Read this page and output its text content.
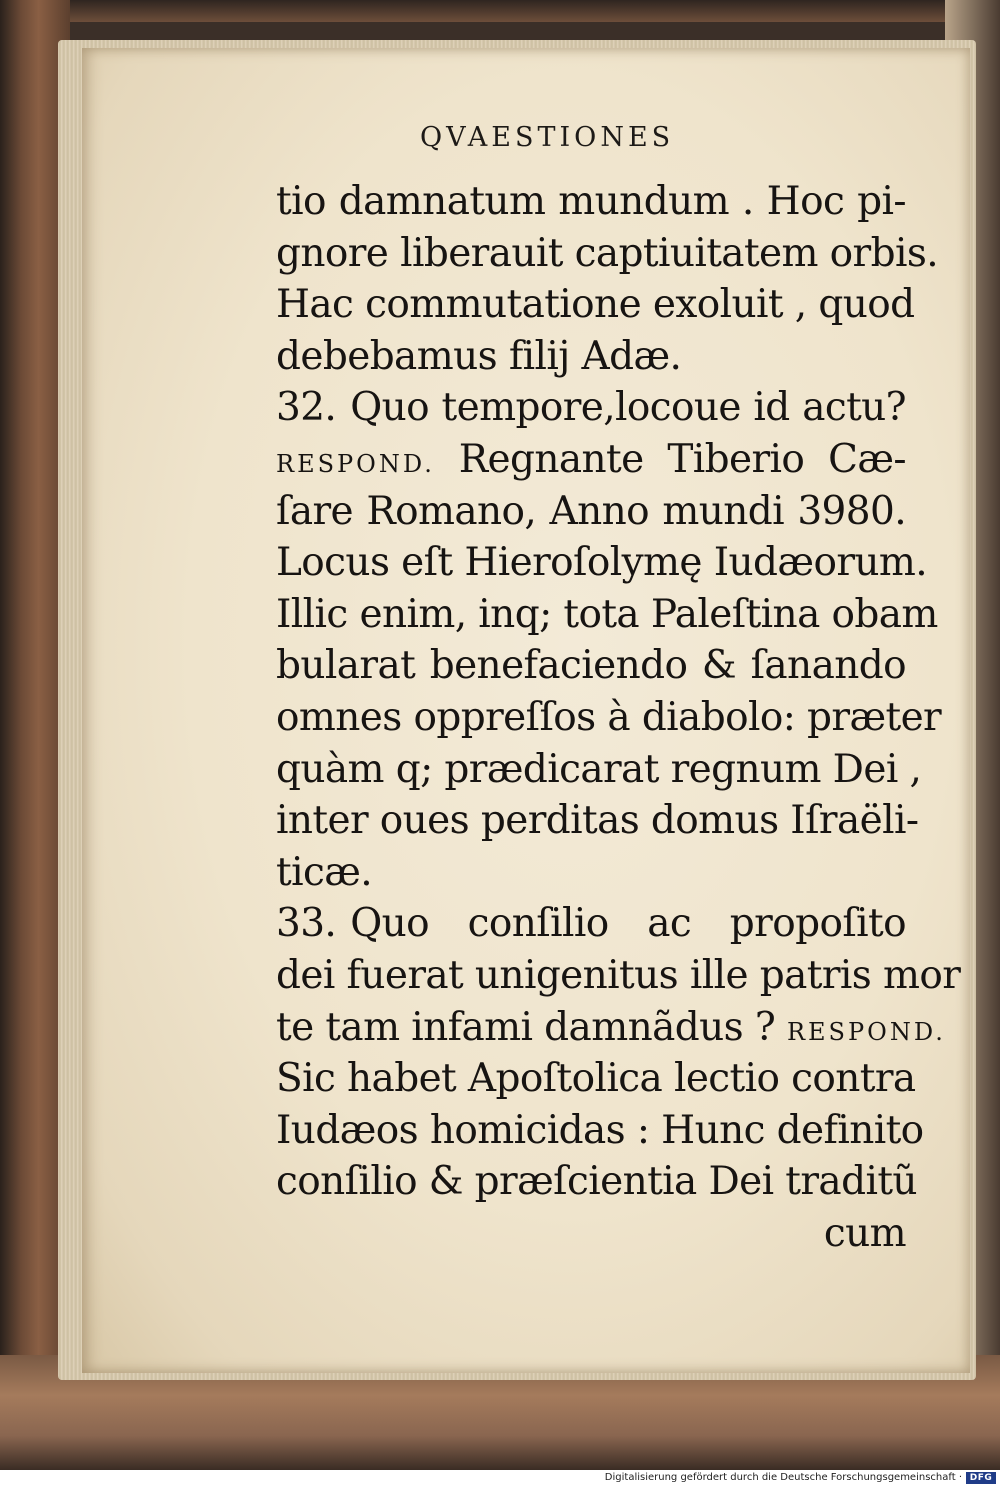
QVAESTIONES
tio damnatum mundum . Hoc pi-
gnore liberauit captiuitatem orbis.
Hac commutatione exoluit , quod
debebamus filij Adæ.
32. Quo tempore,locoue id actu?
RESPOND. Regnante Tiberio Cæ-
ſare Romano, Anno mundi 3980.
Locus eſt Hieroſolymę Iudæorum.
Illic enim, inq; tota Paleſtina obam
bularat benefaciendo & ſanando
omnes oppreſſos à diabolo: præter
quàm q; prædicarat regnum Dei ,
inter oues perditas domus Iſraëli-
ticæ.
33. Quo conſilio ac propoſito
dei fuerat unigenitus ille patris mor
te tam infami damnãdus ? RESPOND.
Sic habet Apoſtolica lectio contra
Iudæos homicidas : Hunc definito
conſilio & præſcientia Dei traditũ
cum
Digitalisierung gefördert durch die Deutsche Forschungsgemeinschaft · DFG
